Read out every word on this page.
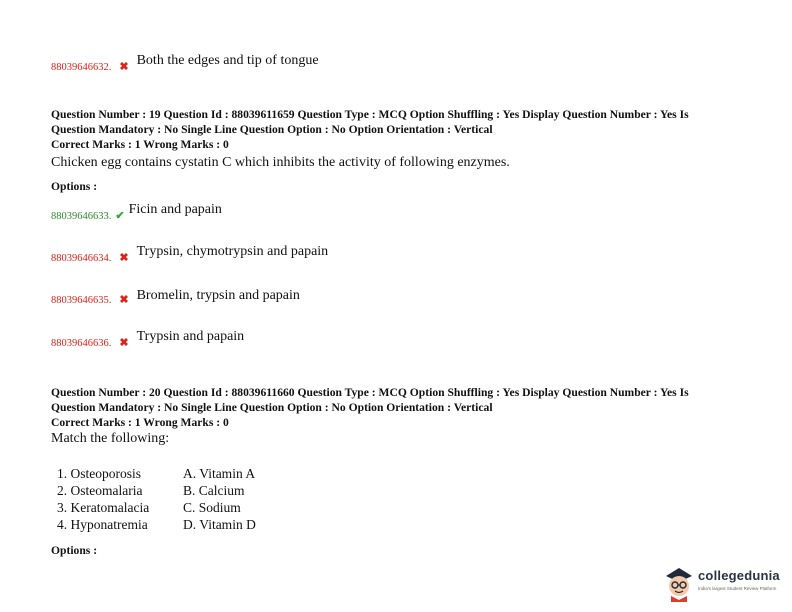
88039646632. ✖ Both the edges and tip of tongue
Question Number : 19 Question Id : 88039611659 Question Type : MCQ Option Shuffling : Yes Display Question Number : Yes Is
Question Mandatory : No Single Line Question Option : No Option Orientation : Vertical
Correct Marks : 1 Wrong Marks : 0
Chicken egg contains cystatin C which inhibits the activity of following enzymes.
Options :
88039646633. ✔ Ficin and papain
88039646634. ✖ Trypsin, chymotrypsin and papain
88039646635. ✖ Bromelin, trypsin and papain
88039646636. ✖ Trypsin and papain
Question Number : 20 Question Id : 88039611660 Question Type : MCQ Option Shuffling : Yes Display Question Number : Yes Is
Question Mandatory : No Single Line Question Option : No Option Orientation : Vertical
Correct Marks : 1 Wrong Marks : 0
Match the following:
1. Osteoporosis	A. Vitamin A
2. Osteomalaria	B. Calcium
3. Keratomalacia	C. Sodium
4. Hyponatremia	D. Vitamin D
Options :
collegedunia
India's largest Student Review Platform
